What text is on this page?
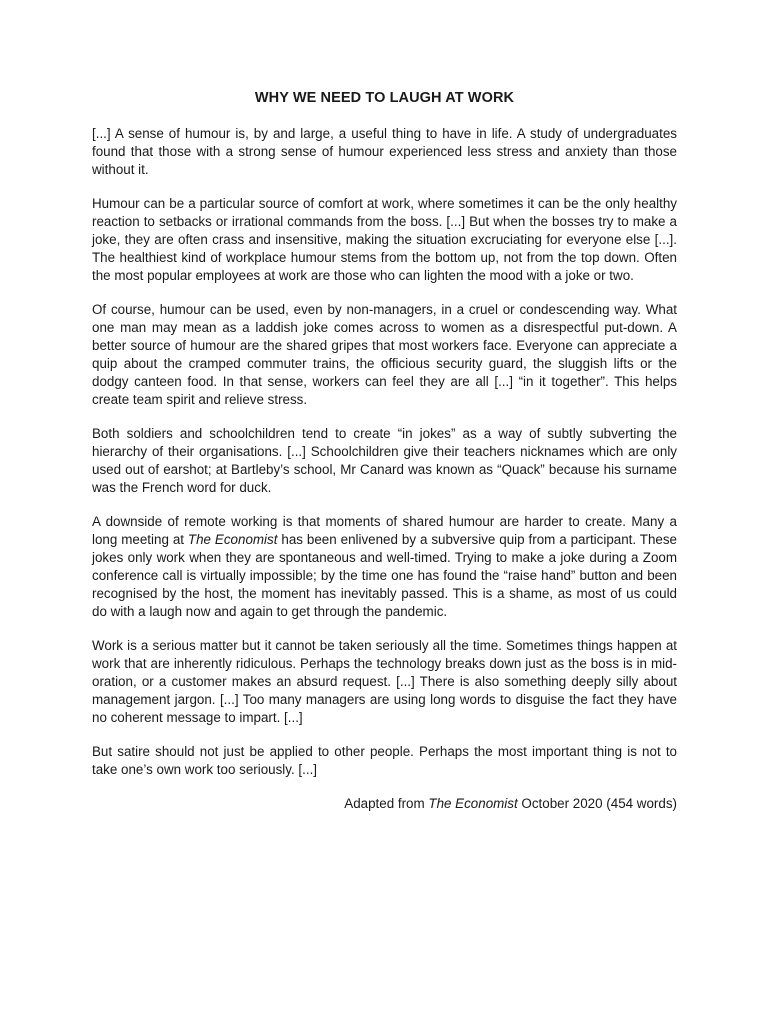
WHY WE NEED TO LAUGH AT WORK

[...] A sense of humour is, by and large, a useful thing to have in life. A study of undergraduates found that those with a strong sense of humour experienced less stress and anxiety than those without it.

Humour can be a particular source of comfort at work, where sometimes it can be the only healthy reaction to setbacks or irrational commands from the boss. [...] But when the bosses try to make a joke, they are often crass and insensitive, making the situation excruciating for everyone else [...]. The healthiest kind of workplace humour stems from the bottom up, not from the top down. Often the most popular employees at work are those who can lighten the mood with a joke or two.

Of course, humour can be used, even by non-managers, in a cruel or condescending way. What one man may mean as a laddish joke comes across to women as a disrespectful put-down. A better source of humour are the shared gripes that most workers face. Everyone can appreciate a quip about the cramped commuter trains, the officious security guard, the sluggish lifts or the dodgy canteen food. In that sense, workers can feel they are all [...] “in it together”. This helps create team spirit and relieve stress.

Both soldiers and schoolchildren tend to create “in jokes” as a way of subtly subverting the hierarchy of their organisations. [...] Schoolchildren give their teachers nicknames which are only used out of earshot; at Bartleby’s school, Mr Canard was known as “Quack” because his surname was the French word for duck.

A downside of remote working is that moments of shared humour are harder to create. Many a long meeting at The Economist has been enlivened by a subversive quip from a participant. These jokes only work when they are spontaneous and well-timed. Trying to make a joke during a Zoom conference call is virtually impossible; by the time one has found the “raise hand” button and been recognised by the host, the moment has inevitably passed. This is a shame, as most of us could do with a laugh now and again to get through the pandemic.

Work is a serious matter but it cannot be taken seriously all the time. Sometimes things happen at work that are inherently ridiculous. Perhaps the technology breaks down just as the boss is in mid-oration, or a customer makes an absurd request. [...] There is also something deeply silly about management jargon. [...] Too many managers are using long words to disguise the fact they have no coherent message to impart. [...]

But satire should not just be applied to other people. Perhaps the most important thing is not to take one’s own work too seriously. [...]

Adapted from The Economist October 2020 (454 words)
